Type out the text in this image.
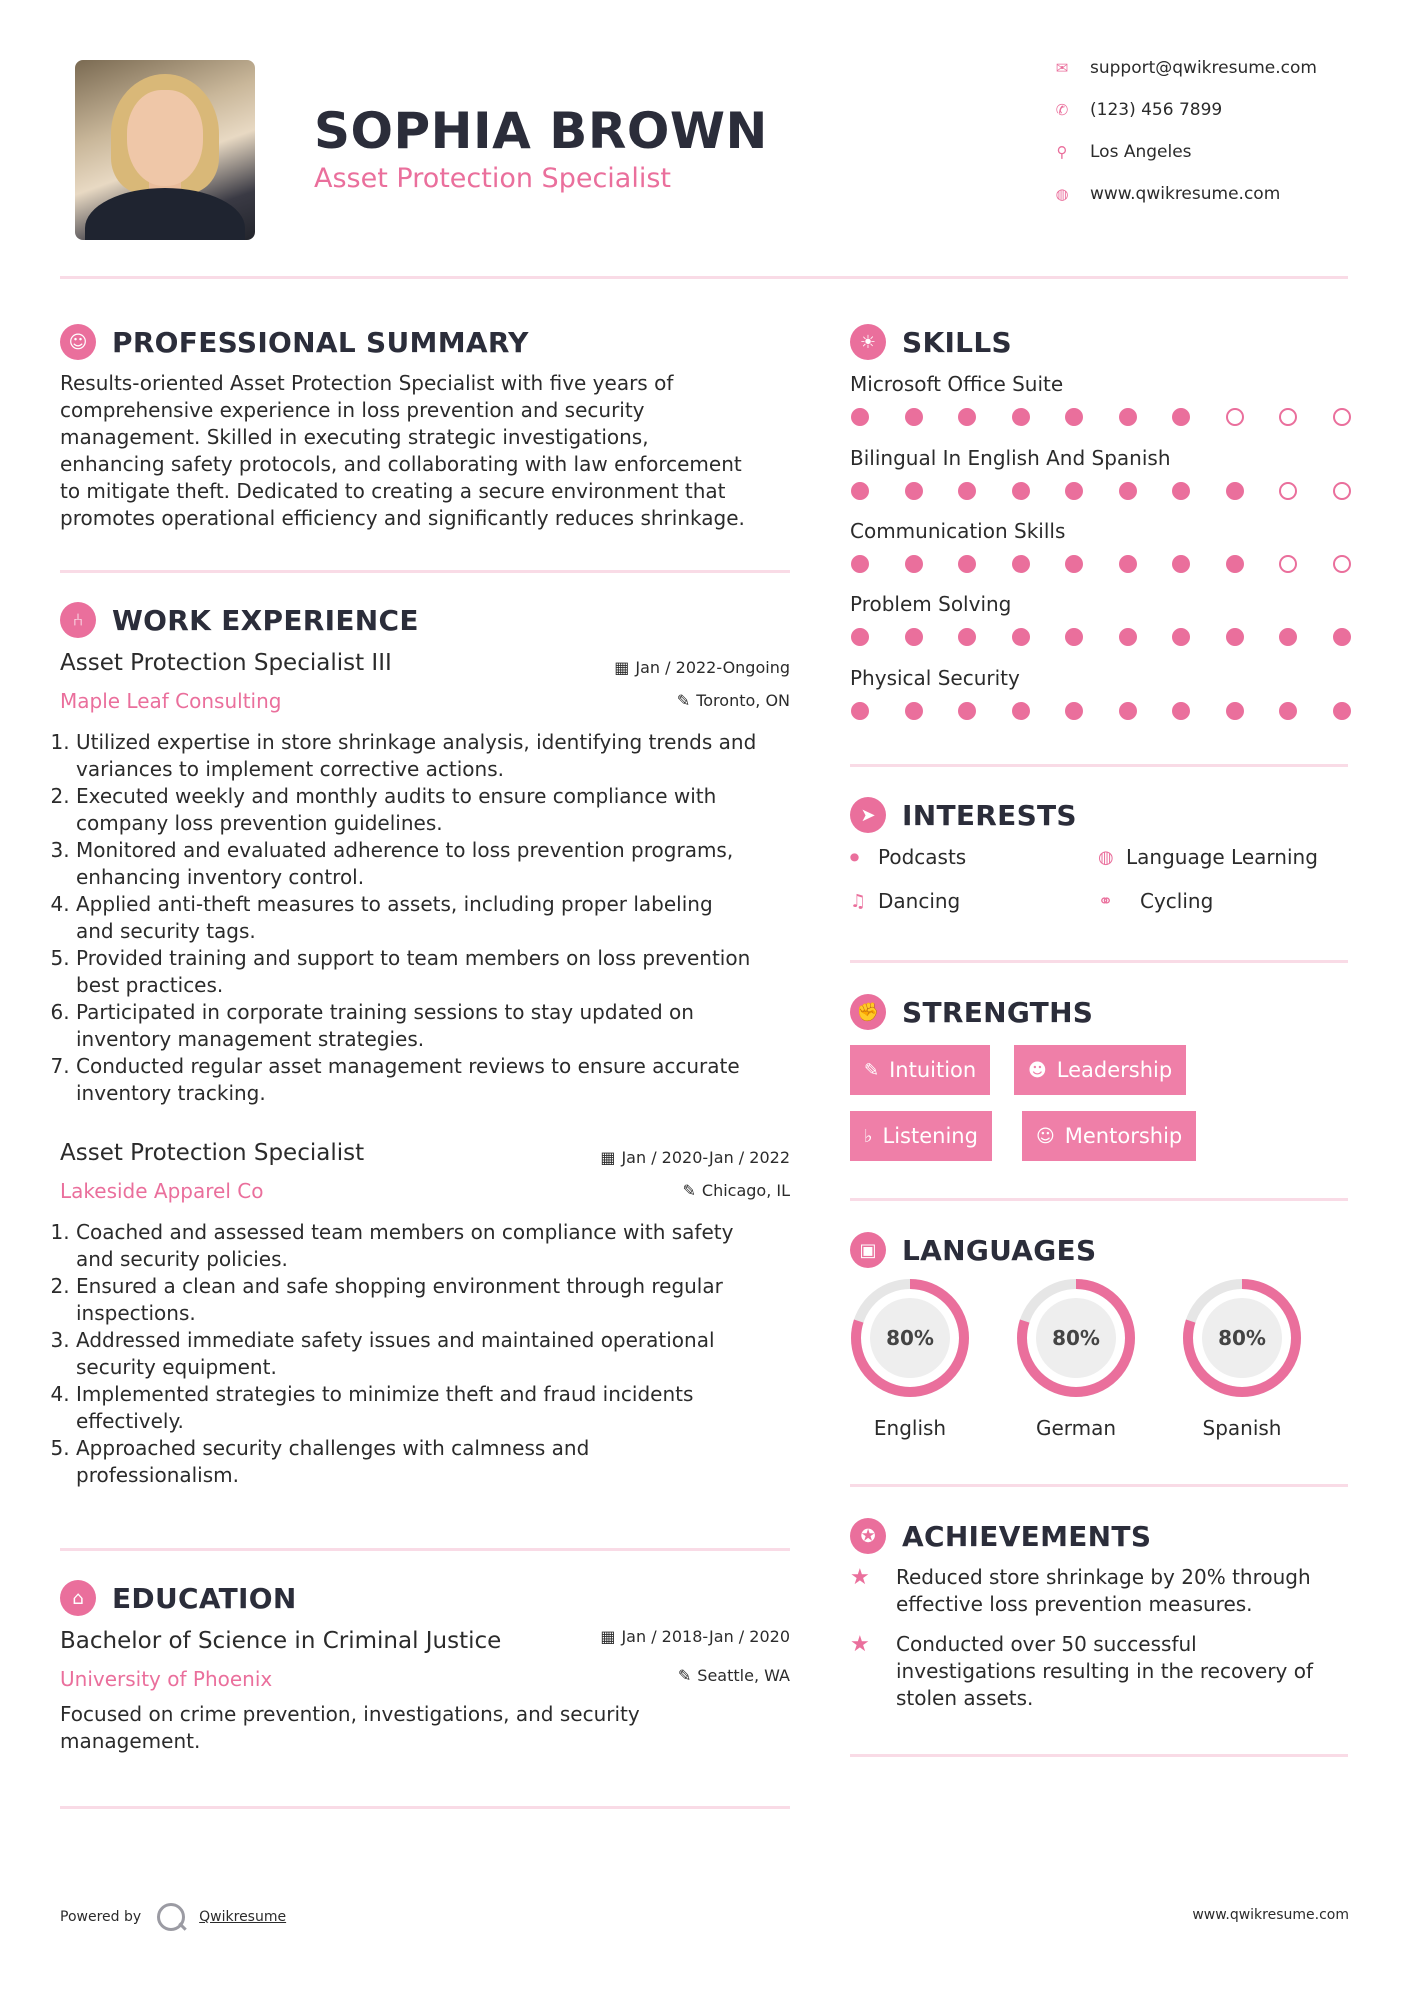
SOPHIA BROWN
Asset Protection Specialist
✉	support@qwikresume.com
✆	(123) 456 7899
⚲	Los Angeles
◍	www.qwikresume.com
☺ PROFESSIONAL SUMMARY
Results-oriented Asset Protection Specialist with five years of
comprehensive experience in loss prevention and security
management. Skilled in executing strategic investigations,
enhancing safety protocols, and collaborating with law enforcement
to mitigate theft. Dedicated to creating a secure environment that
promotes operational efficiency and significantly reduces shrinkage.
⑃	WORK EXPERIENCE
Asset Protection Specialist III	▦ Jan / 2022-Ongoing
Maple Leaf Consulting	✎ Toronto, ON
1. Utilized expertise in store shrinkage analysis, identifying trends and
variances to implement corrective actions.
2. Executed weekly and monthly audits to ensure compliance with
company loss prevention guidelines.
3. Monitored and evaluated adherence to loss prevention programs,
enhancing inventory control.
4. Applied anti-theft measures to assets, including proper labeling
and security tags.
5. Provided training and support to team members on loss prevention
best practices.
6. Participated in corporate training sessions to stay updated on
inventory management strategies.
7. Conducted regular asset management reviews to ensure accurate
inventory tracking.
Asset Protection Specialist	▦ Jan / 2020-Jan / 2022
Lakeside Apparel Co	✎ Chicago, IL
1. Coached and assessed team members on compliance with safety
and security policies.
2. Ensured a clean and safe shopping environment through regular
inspections.
3. Addressed immediate safety issues and maintained operational
security equipment.
4. Implemented strategies to minimize theft and fraud incidents
effectively.
5. Approached security challenges with calmness and
professionalism.
⌂	EDUCATION
Bachelor of Science in Criminal Justice	▦ Jan / 2018-Jan / 2020
University of Phoenix	✎ Seattle, WA
Focused on crime prevention, investigations, and security
management.
☀ SKILLS
Microsoft Office Suite
Bilingual In English And Spanish
Communication Skills
Problem Solving
Physical Security
➤ INTERESTS
⏺ Podcasts	◍ Language Learning
♫ Dancing	⚭	Cycling
✊ STRENGTHS
✎ Intuition	☻ Leadership
♭ Listening	☺ Mentorship
▣ LANGUAGES
80%
English
80%
German
80%
Spanish
✪ ACHIEVEMENTS
★	Reduced store shrinkage by 20% through
effective loss prevention measures.
★	Conducted over 50 successful
investigations resulting in the recovery of
stolen assets.
Powered by	Qwikresume	www.qwikresume.com
